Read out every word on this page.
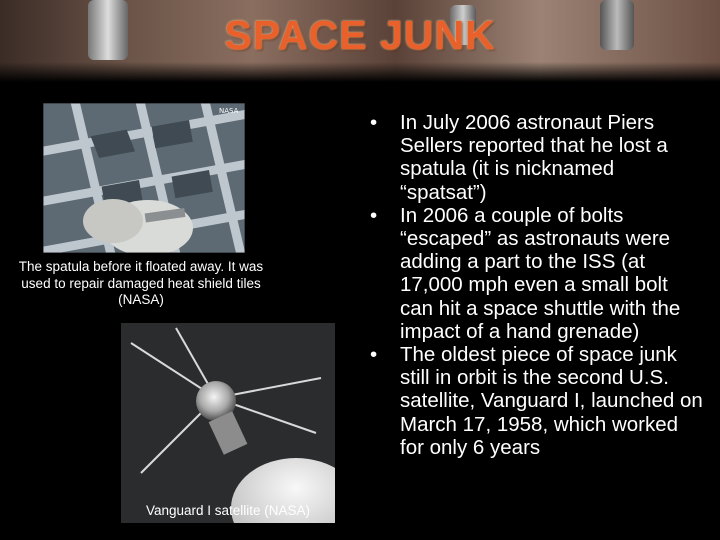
SPACE JUNK
NASA
The spatula before it floated away. It was used to repair damaged heat shield tiles (NASA)
Vanguard I satellite (NASA)
• In July 2006 astronaut Piers Sellers reported that he lost a spatula (it is nicknamed “spatsat”)
• In 2006 a couple of bolts “escaped” as astronauts were adding a part to the ISS (at 17,000 mph even a small bolt can hit a space shuttle with the impact of a hand grenade)
• The oldest piece of space junk still in orbit is the second U.S. satellite, Vanguard I, launched on March 17, 1958, which worked for only 6 years
